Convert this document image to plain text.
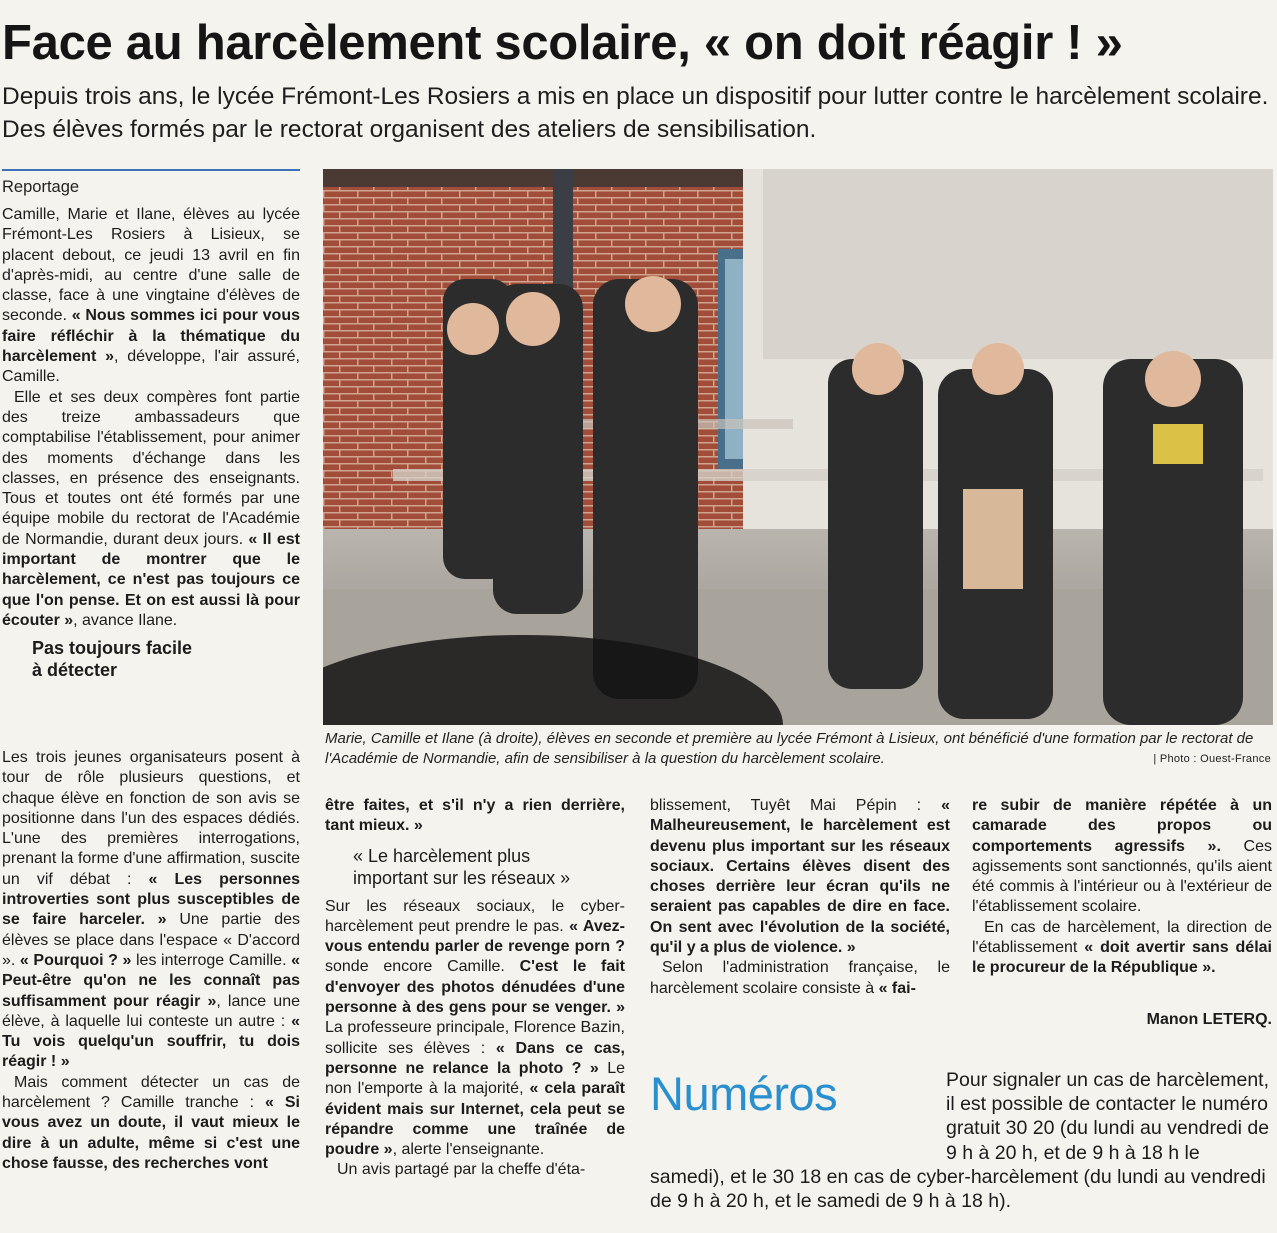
Face au harcèlement scolaire, « on doit réagir ! »
Depuis trois ans, le lycée Frémont-Les Rosiers a mis en place un dispositif pour lutter contre le harcèlement scolaire. Des élèves formés par le rectorat organisent des ateliers de sensibilisation.
Reportage

Camille, Marie et Ilane, élèves au lycée Frémont-Les Rosiers à Lisieux, se placent debout, ce jeudi 13 avril en fin d'après-midi, au centre d'une salle de classe, face à une vingtaine d'élèves de seconde. « Nous sommes ici pour vous faire réfléchir à la thématique du harcèlement », développe, l'air assuré, Camille.

Elle et ses deux compères font partie des treize ambassadeurs que comptabilise l'établissement, pour animer des moments d'échange dans les classes, en présence des enseignants. Tous et toutes ont été formés par une équipe mobile du rectorat de l'Académie de Normandie, durant deux jours. « Il est important de montrer que le harcèlement, ce n'est pas toujours ce que l'on pense. Et on est aussi là pour écouter », avance Ilane.

Pas toujours facile
à détecter

Les trois jeunes organisateurs posent à tour de rôle plusieurs questions, et chaque élève en fonction de son avis se positionne dans l'un des espaces dédiés. L'une des premières interrogations, prenant la forme d'une affirmation, suscite un vif débat : « Les personnes introverties sont plus susceptibles de se faire harceler. » Une partie des élèves se place dans l'espace « D'accord ». « Pourquoi ? » les interroge Camille. « Peut-être qu'on ne les connaît pas suffisamment pour réagir », lance une élève, à laquelle lui conteste un autre : « Tu vois quelqu'un souffrir, tu dois réagir ! »

Mais comment détecter un cas de harcèlement ? Camille tranche : « Si vous avez un doute, il vaut mieux le dire à un adulte, même si c'est une chose fausse, des recherches vont

Marie, Camille et Ilane (à droite), élèves en seconde et première au lycée Frémont à Lisieux, ont bénéficié d'une formation par le rectorat de l'Académie de Normandie, afin de sensibiliser à la question du harcèlement scolaire.	| Photo : Ouest-France

être faites, et s'il n'y a rien derrière, tant mieux. »

« Le harcèlement plus
important sur les réseaux »

Sur les réseaux sociaux, le cyber-harcèlement peut prendre le pas. « Avez-vous entendu parler de revenge porn ? sonde encore Camille. C'est le fait d'envoyer des photos dénudées d'une personne à des gens pour se venger. » La professeure principale, Florence Bazin, sollicite ses élèves : « Dans ce cas, personne ne relance la photo ? » Le non l'emporte à la majorité, « cela paraît évident mais sur Internet, cela peut se répandre comme une traînée de poudre », alerte l'enseignante.

Un avis partagé par la cheffe d'éta-

blissement, Tuyêt Mai Pépin : « Malheureusement, le harcèlement est devenu plus important sur les réseaux sociaux. Certains élèves disent des choses derrière leur écran qu'ils ne seraient pas capables de dire en face. On sent avec l'évolution de la société, qu'il y a plus de violence. »

Selon l'administration française, le harcèlement scolaire consiste à « fai-

re subir de manière répétée à un camarade des propos ou comportements agressifs ». Ces agissements sont sanctionnés, qu'ils aient été commis à l'intérieur ou à l'extérieur de l'établissement scolaire.

En cas de harcèlement, la direction de l'établissement « doit avertir sans délai le procureur de la République ».

Manon LETERQ.
Pour signaler un cas de harcèlement, il est possible de contacter le numéro gratuit 30 20 (du lundi au vendredi de 9 h à 20 h, et de 9 h à 18 h le samedi), et le 30 18 en cas de cyber-harcèlement (du lundi au vendredi de 9 h à 20 h, et le samedi de 9 h à 18 h).
Numéros
